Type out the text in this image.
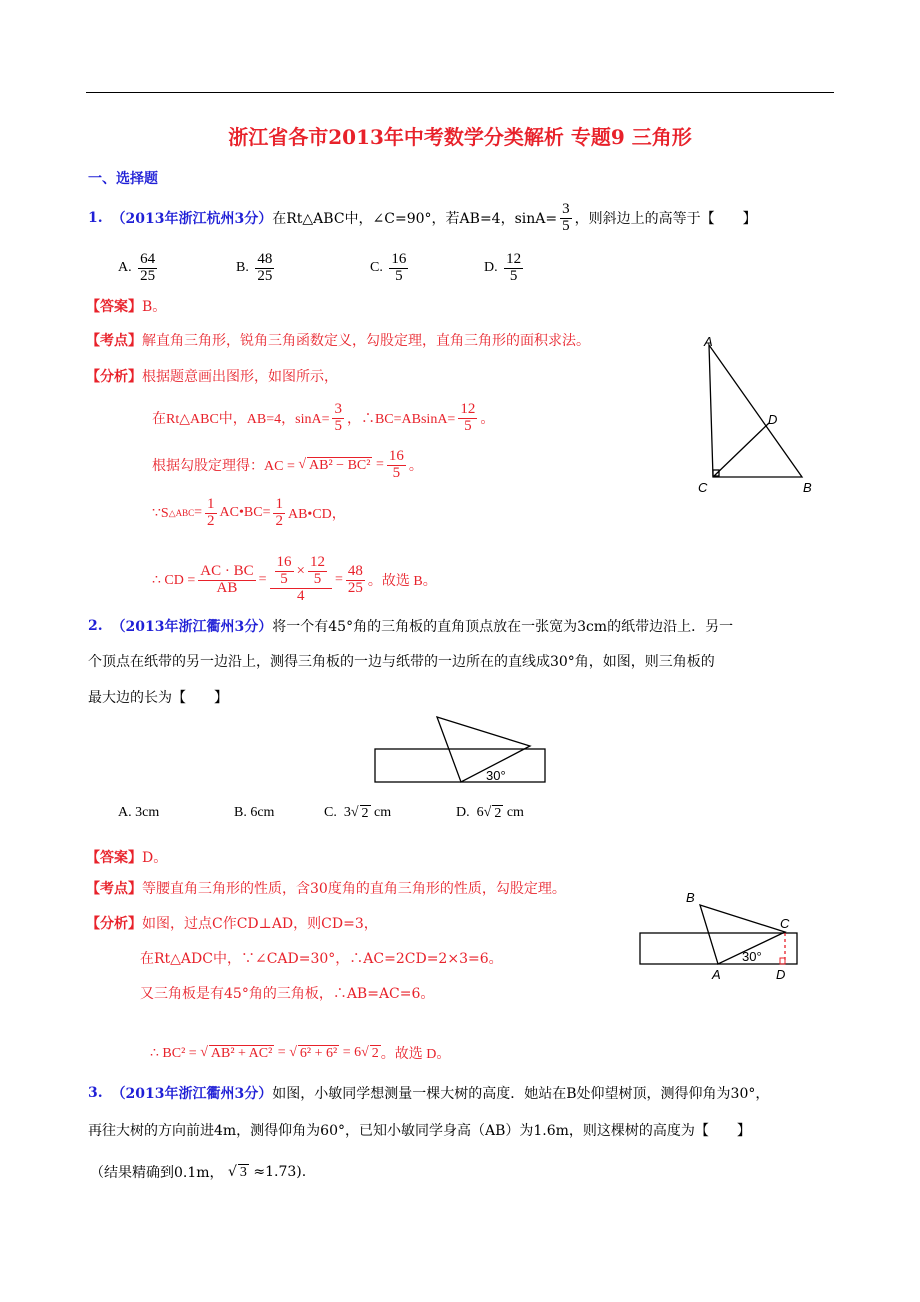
浙江省各市2013年中考数学分类解析 专题9 三角形
一、选择题
1.
（2013年浙江杭州3分） 在Rt△ABC中，∠C=90°，若AB=4，$\sin A= \frac{3}{5}$ ，则斜边上的高等于【　　】
A.
$\frac{64}{25}$	B.
$\frac{48}{25}$	C.
$\frac{16}{5}$	D.
$\frac{12}{5}$
【答案】 B。
【考点】 解直角三角形，锐角三角函数定义，勾股定理，直角三角形的面积求法。
【分析】 根据题意画出图形，如图所示，
在Rt△ABC中，AB=4，$\sin A= \frac{3}{5}$ ，∴BC=ABsinA= $\frac{12}{5}$ 。
根据勾股定理得：AC = √ AB² − BC²
= $\frac{16}{5}$ 。
∵S △ABC = $\frac{1}{2}$ AC•BC= $\frac{1}{2}$ AB•CD，
∴ CD = $\frac{AC \cdot BC}{AB} = \frac{\frac{16}{5} \times \frac{12}{5}}{4} = \frac{48}{25}$ 。故选 B。
A
D
C	B
2.
（2013年浙江衢州3分） 将一个有45°角的三角板的直角顶点放在一张宽为3cm的纸带边沿上．另一
个顶点在纸带的另一边沿上，测得三角板的一边与纸带的一边所在的直线成30°角，如图，则三角板的
最大边的长为【　　】
30°
A.
3cm	B.
6cm	C.
3 √ 2
cm	D.
6 √ 2
cm
【答案】 D。
【考点】 等腰直角三角形的性质，含30度角的直角三角形的性质，勾股定理。
【分析】 如图，过点C作CD⊥AD，则CD=3，
在Rt△ADC中，∵∠CAD=30°，∴AC=2CD=2×3=6。
又三角板是有45°角的三角板，∴AB=AC=6。
∴ BC² = √ AB² + AC²
= √ 6² + 6²
= 6 √ 2 。故选 D。
B
C
A	D
30°
3.
（2013年浙江衢州3分） 如图，小敏同学想测量一棵大树的高度．她站在B处仰望树顶，测得仰角为30°，
再往大树的方向前进4m，测得仰角为60°，已知小敏同学身高（AB）为1.6m，则这棵树的高度为【　　】
（结果精确到0.1m， √ 3
≈1.73).
